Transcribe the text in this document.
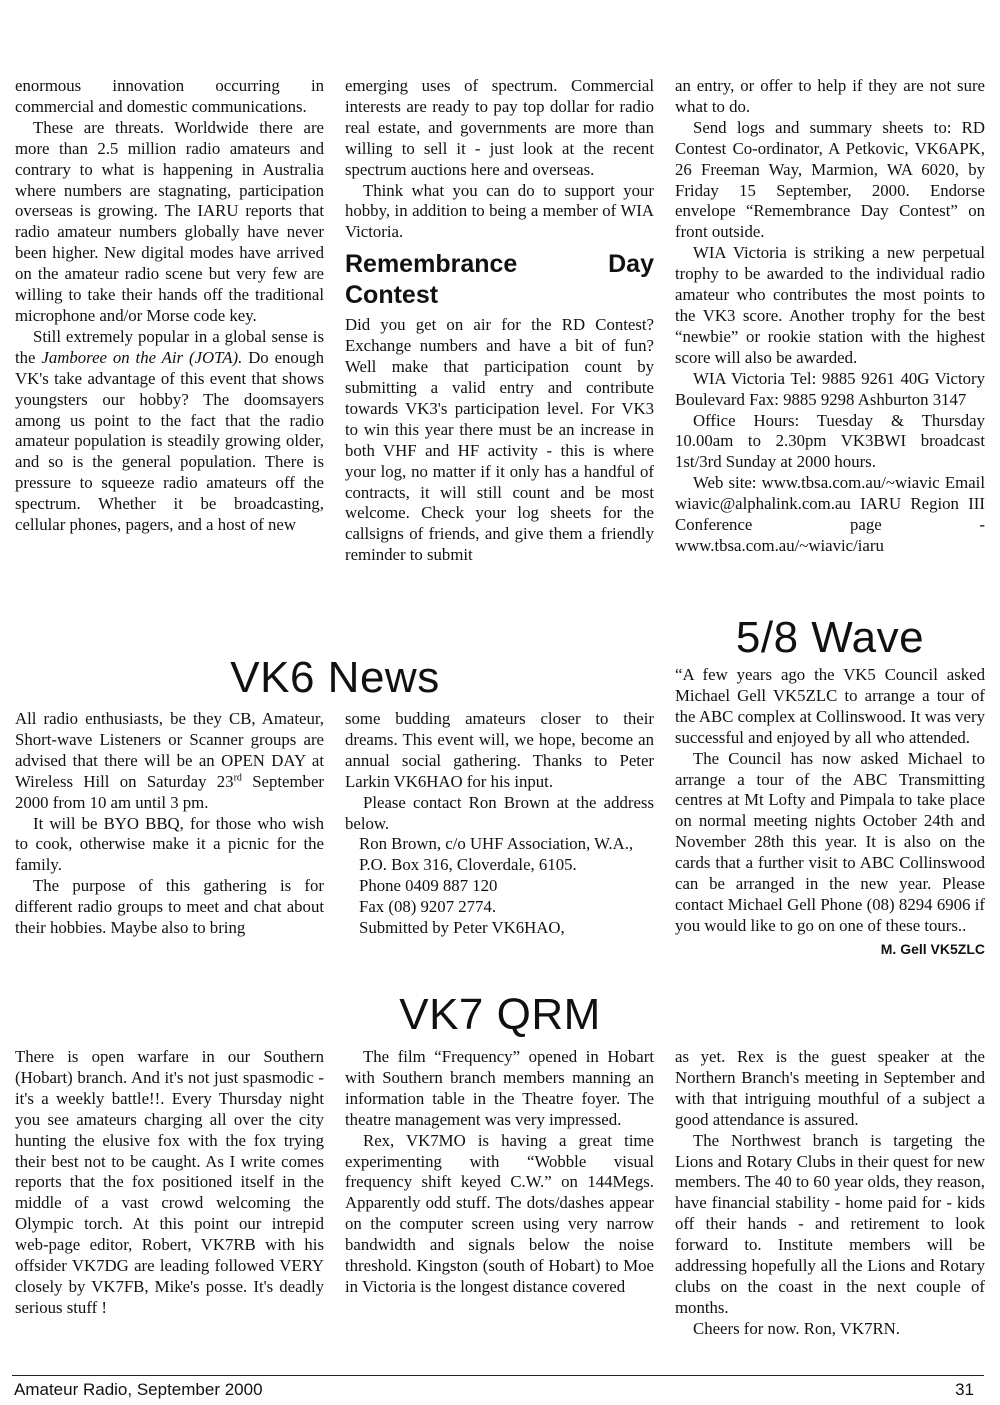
enormous innovation occurring in commercial and domestic communications.

These are threats. Worldwide there are more than 2.5 million radio amateurs and contrary to what is happening in Australia where numbers are stagnating, participation overseas is growing. The IARU reports that radio amateur numbers globally have never been higher. New digital modes have arrived on the amateur radio scene but very few are willing to take their hands off the traditional microphone and/or Morse code key.

Still extremely popular in a global sense is the Jamboree on the Air (JOTA). Do enough VK's take advantage of this event that shows youngsters our hobby? The doomsayers among us point to the fact that the radio amateur population is steadily growing older, and so is the general population. There is pressure to squeeze radio amateurs off the spectrum. Whether it be broadcasting, cellular phones, pagers, and a host of new

emerging uses of spectrum. Commercial interests are ready to pay top dollar for radio real estate, and governments are more than willing to sell it - just look at the recent spectrum auctions here and overseas.

Think what you can do to support your hobby, in addition to being a member of WIA Victoria.

Remembrance Day Contest

Did you get on air for the RD Contest? Exchange numbers and have a bit of fun? Well make that participation count by submitting a valid entry and contribute towards VK3's participation level. For VK3 to win this year there must be an increase in both VHF and HF activity - this is where your log, no matter if it only has a handful of contracts, it will still count and be most welcome. Check your log sheets for the callsigns of friends, and give them a friendly reminder to submit

an entry, or offer to help if they are not sure what to do.

Send logs and summary sheets to: RD Contest Co-ordinator, A Petkovic, VK6APK, 26 Freeman Way, Marmion, WA 6020, by Friday 15 September, 2000. Endorse envelope “Remembrance Day Contest” on front outside.

WIA Victoria is striking a new perpetual trophy to be awarded to the individual radio amateur who contributes the most points to the VK3 score. Another trophy for the best “newbie” or rookie station with the highest score will also be awarded.

WIA Victoria Tel: 9885 9261 40G Victory Boulevard Fax: 9885 9298 Ashburton 3147

Office Hours: Tuesday & Thursday 10.00am to 2.30pm VK3BWI broadcast 1st/3rd Sunday at 2000 hours.

Web site: www.tbsa.com.au/~wiavic Email wiavic@alphalink.com.au IARU Region III Conference page - www.tbsa.com.au/~wiavic/iaru

VK6 News

All radio enthusiasts, be they CB, Amateur, Short-wave Listeners or Scanner groups are advised that there will be an OPEN DAY at Wireless Hill on Saturday 23rd September 2000 from 10 am until 3 pm.

It will be BYO BBQ, for those who wish to cook, otherwise make it a picnic for the family.

The purpose of this gathering is for different radio groups to meet and chat about their hobbies. Maybe also to bring

some budding amateurs closer to their dreams. This event will, we hope, become an annual social gathering. Thanks to Peter Larkin VK6HAO for his input.

Please contact Ron Brown at the address below.

Ron Brown, c/o UHF Association, W.A., P.O. Box 316, Cloverdale, 6105.

Phone 0409 887 120

Fax (08) 9207 2774.

Submitted by Peter VK6HAO,

5/8 Wave

“A few years ago the VK5 Council asked Michael Gell VK5ZLC to arrange a tour of the ABC complex at Collinswood. It was very successful and enjoyed by all who attended.

The Council has now asked Michael to arrange a tour of the ABC Transmitting centres at Mt Lofty and Pimpala to take place on normal meeting nights October 24th and November 28th this year. It is also on the cards that a further visit to ABC Collinswood can be arranged in the new year. Please contact Michael Gell Phone (08) 8294 6906 if you would like to go on one of these tours..

M. Gell VK5ZLC
VK7 QRM

There is open warfare in our Southern (Hobart) branch. And it's not just spasmodic - it's a weekly battle!!. Every Thursday night you see amateurs charging all over the city hunting the elusive fox with the fox trying their best not to be caught. As I write comes reports that the fox positioned itself in the middle of a vast crowd welcoming the Olympic torch. At this point our intrepid web-page editor, Robert, VK7RB with his offsider VK7DG are leading followed VERY closely by VK7FB, Mike's posse. It's deadly serious stuff !

The film “Frequency” opened in Hobart with Southern branch members manning an information table in the Theatre foyer. The theatre management was very impressed.

Rex, VK7MO is having a great time experimenting with “Wobble visual frequency shift keyed C.W.” on 144Megs. Apparently odd stuff. The dots/dashes appear on the computer screen using very narrow bandwidth and signals below the noise threshold. Kingston (south of Hobart) to Moe in Victoria is the longest distance covered

as yet. Rex is the guest speaker at the Northern Branch's meeting in September and with that intriguing mouthful of a subject a good attendance is assured.

The Northwest branch is targeting the Lions and Rotary Clubs in their quest for new members. The 40 to 60 year olds, they reason, have financial stability - home paid for - kids off their hands - and retirement to look forward to. Institute members will be addressing hopefully all the Lions and Rotary clubs on the coast in the next couple of months.

Cheers for now. Ron, VK7RN.

Amateur Radio, September 2000	31
